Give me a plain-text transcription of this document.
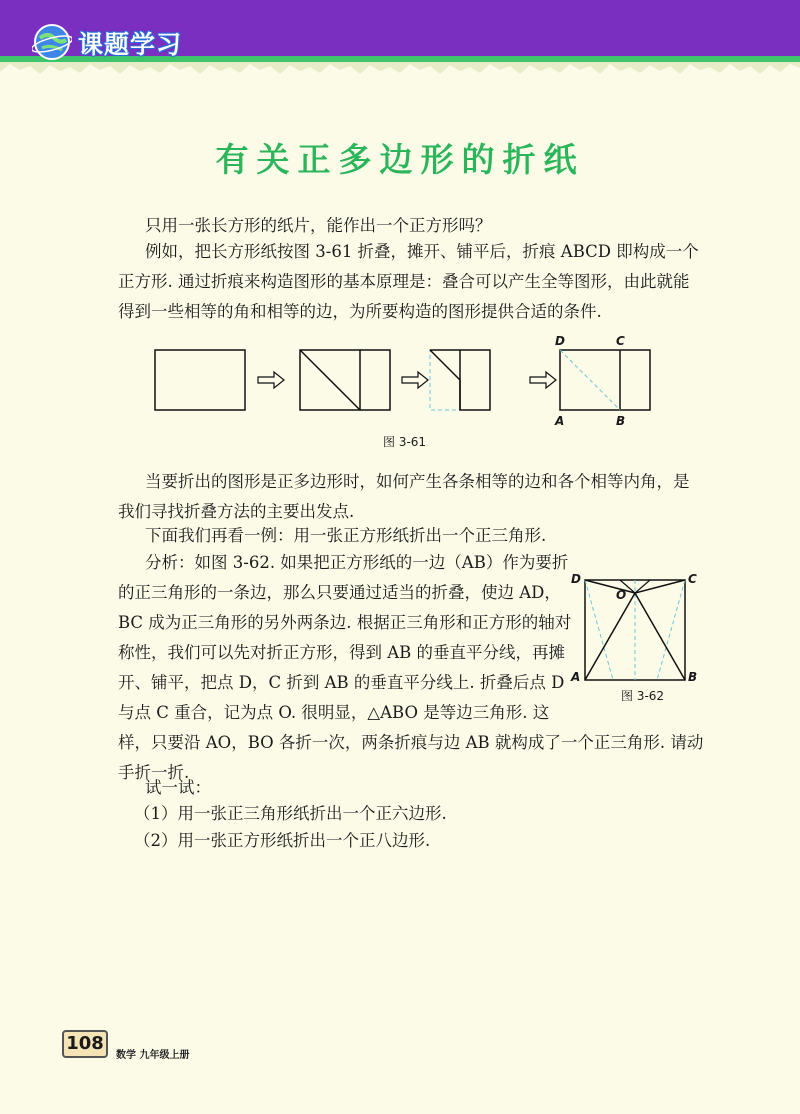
课题学习
有关正多边形的折纸

只用一张长方形的纸片，能作出一个正方形吗？

例如，把长方形纸按图 3-61 折叠，摊开、铺平后，折痕 ABCD 即构成一个正方形. 通过折痕来构造图形的基本原理是：叠合可以产生全等图形，由此就能得到一些相等的角和相等的边，为所要构造的图形提供合适的条件.

D	C
A	B
图 3-61

当要折出的图形是正多边形时，如何产生各条相等的边和各个相等内角，是我们寻找折叠方法的主要出发点.

下面我们再看一例：用一张正方形纸折出一个正三角形.

分析：如图 3-62. 如果把正方形纸的一边（AB）作为要折的正三角形的一条边，那么只要通过适当的折叠，使边 AD，BC 成为正三角形的另外两条边. 根据正三角形和正方形的轴对称性，我们可以先对折正方形，得到 AB 的垂直平分线，再摊开、铺平，把点 D，C 折到 AB 的垂直平分线上. 折叠后点 D 与点 C 重合，记为点 O. 很明显，△ABO 是等边三角形. 这样，只要沿 AO，BO 各折一次，两条折痕与边 AB 就构成了一个正三角形. 请动手折一折.

D	C
O
A	B
图 3-62

试一试：

（1）用一张正三角形纸折出一个正六边形.

（2）用一张正方形纸折出一个正八边形.

108
数学 九年级上册
